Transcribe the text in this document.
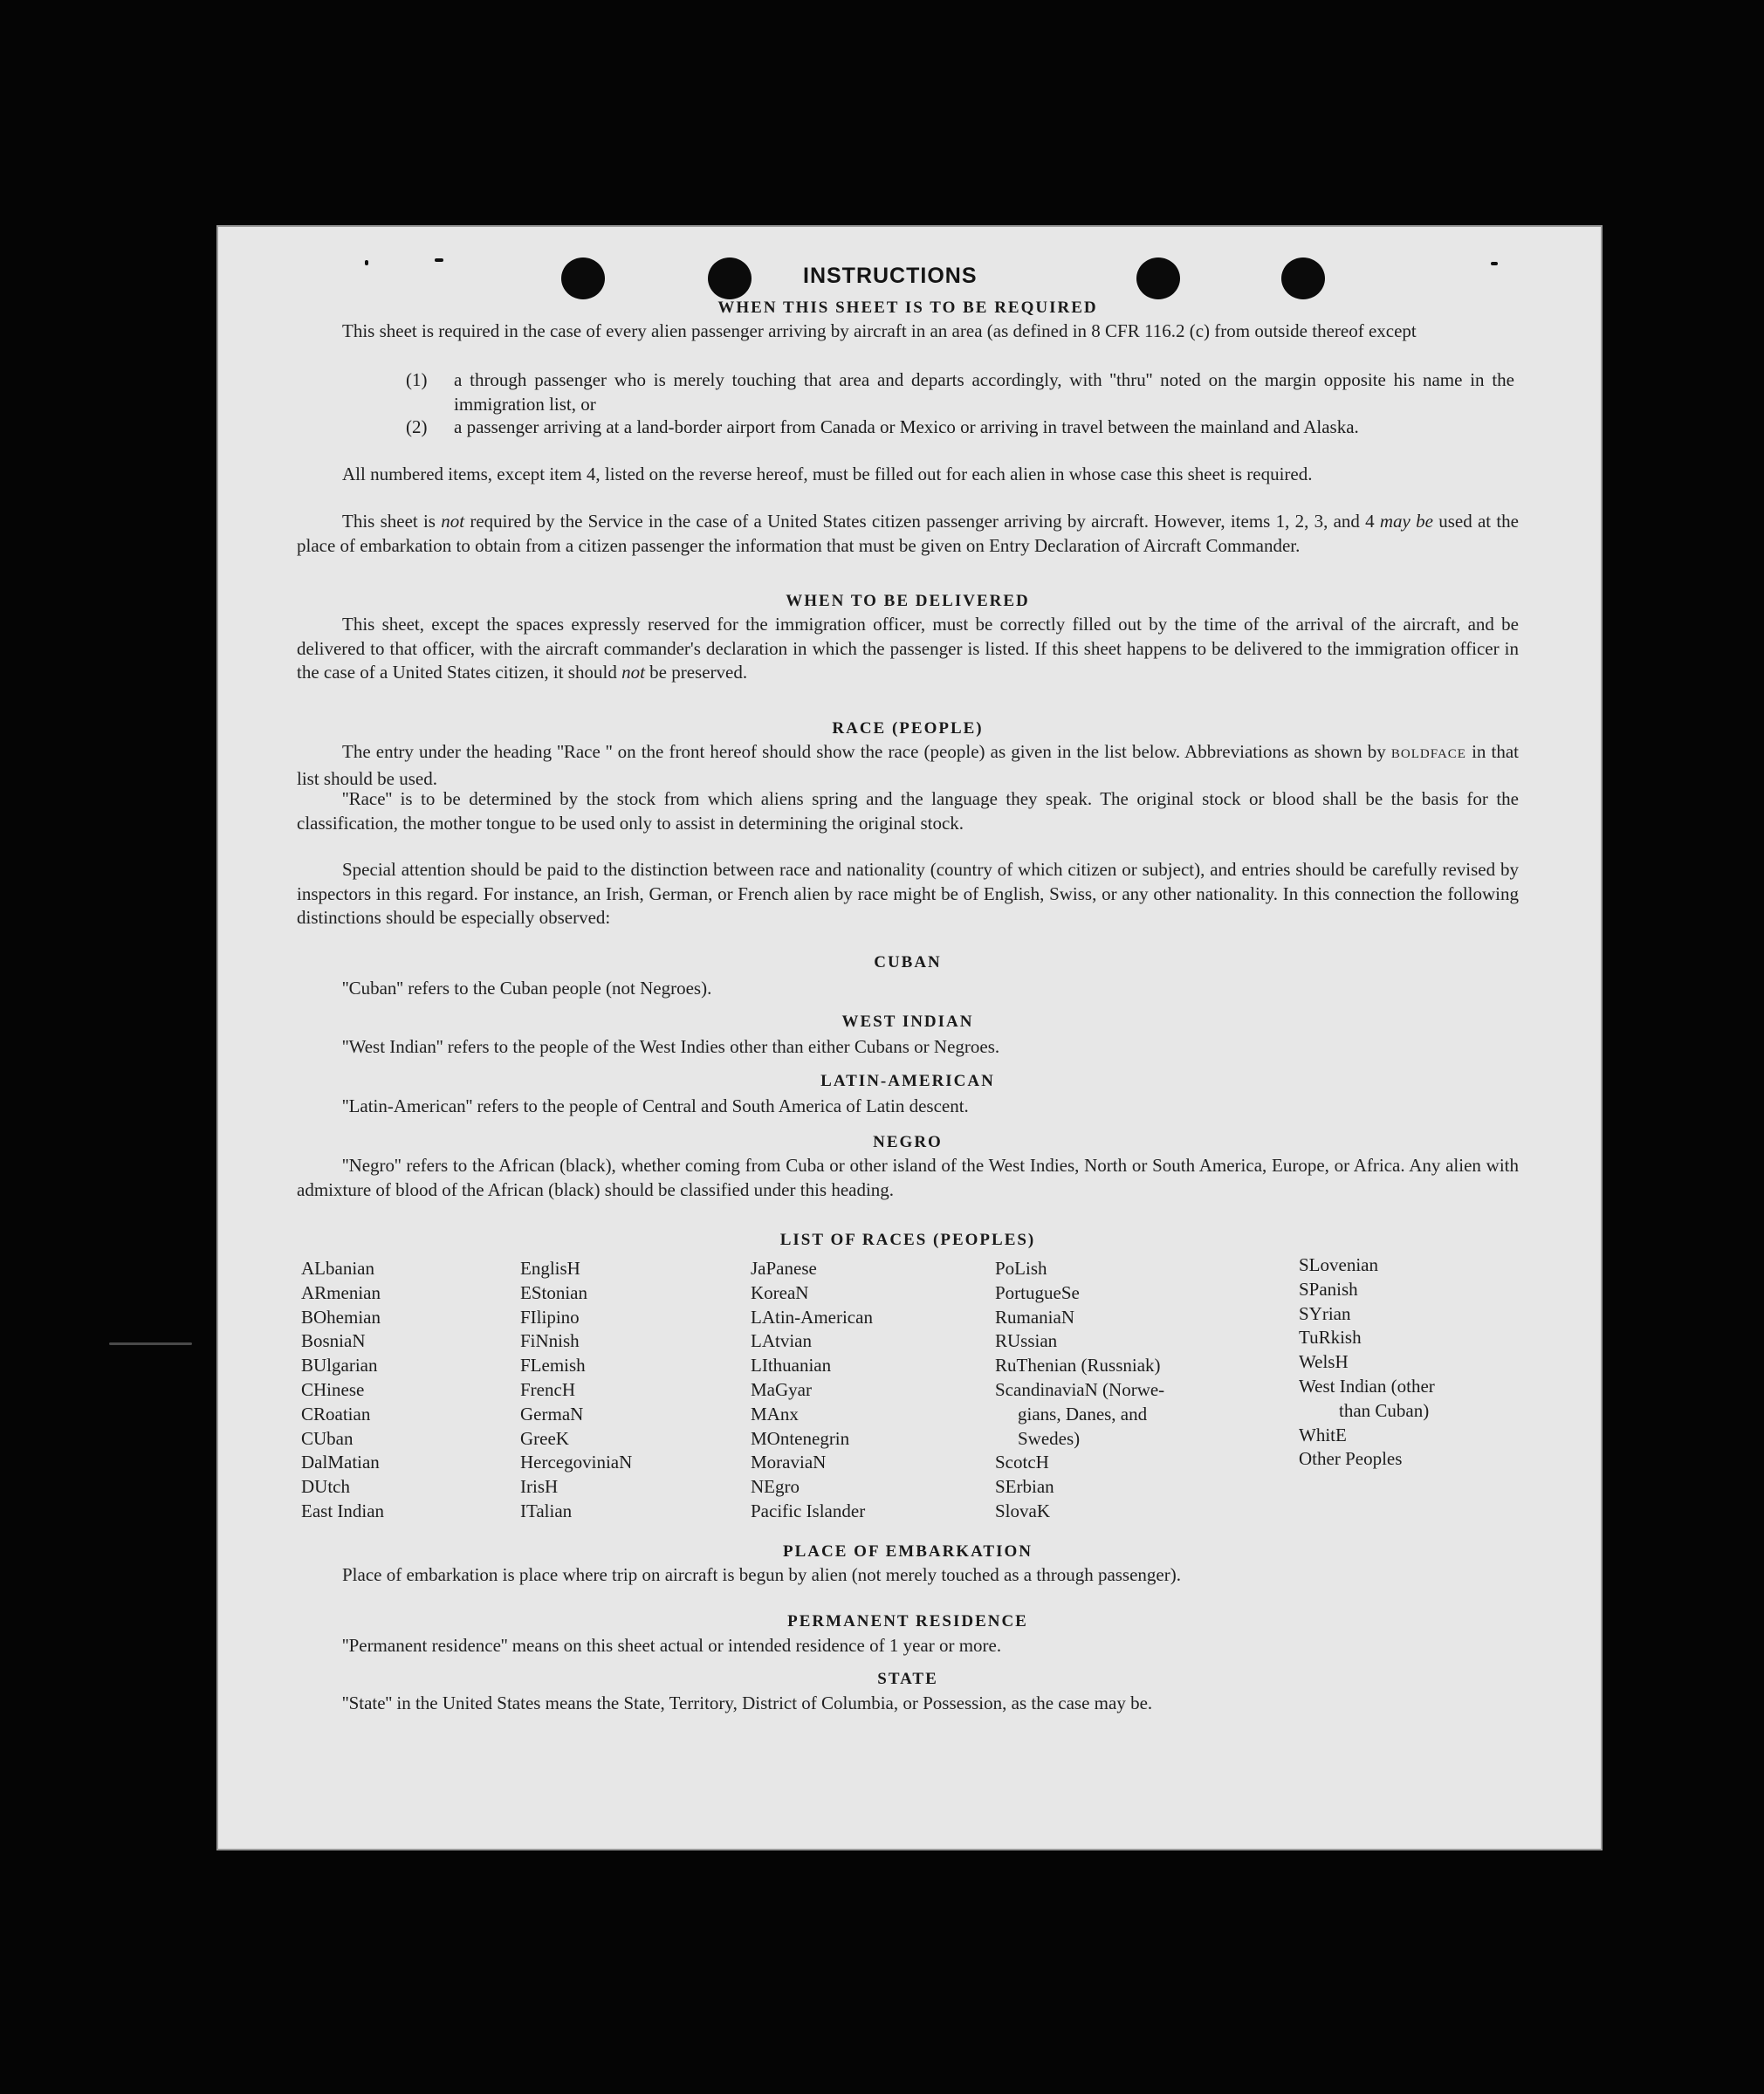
INSTRUCTIONS
WHEN THIS SHEET IS TO BE REQUIRED
This sheet is required in the case of every alien passenger arriving by aircraft in an area (as defined in 8 CFR 116.2 (c) from outside thereof except
(1) a through passenger who is merely touching that area and departs accordingly, with ''thru'' noted on the margin opposite his name in the immigration list, or
(2) a passenger arriving at a land-border airport from Canada or Mexico or arriving in travel between the mainland and Alaska.
All numbered items, except item 4, listed on the reverse hereof, must be filled out for each alien in whose case this sheet is required.
This sheet is not required by the Service in the case of a United States citizen passenger arriving by aircraft. However, items 1, 2, 3, and 4 may be used at the place of embarkation to obtain from a citizen passenger the information that must be given on Entry Declaration of Aircraft Commander.
WHEN TO BE DELIVERED
This sheet, except the spaces expressly reserved for the immigration officer, must be correctly filled out by the time of the arrival of the aircraft, and be delivered to that officer, with the aircraft commander's declaration in which the passenger is listed. If this sheet happens to be delivered to the immigration officer in the case of a United States citizen, it should not be preserved.
RACE (PEOPLE)
The entry under the heading ''Race '' on the front hereof should show the race (people) as given in the list below. Abbreviations as shown by BOLDFACE in that list should be used.
''Race'' is to be determined by the stock from which aliens spring and the language they speak. The original stock or blood shall be the basis for the classification, the mother tongue to be used only to assist in determining the original stock.
Special attention should be paid to the distinction between race and nationality (country of which citizen or subject), and entries should be carefully revised by inspectors in this regard. For instance, an Irish, German, or French alien by race might be of English, Swiss, or any other nationality. In this connection the following distinctions should be especially observed:
CUBAN
''Cuban'' refers to the Cuban people (not Negroes).
WEST INDIAN
''West Indian'' refers to the people of the West Indies other than either Cubans or Negroes.
LATIN-AMERICAN
''Latin-American'' refers to the people of Central and South America of Latin descent.
NEGRO
''Negro'' refers to the African (black), whether coming from Cuba or other island of the West Indies, North or South America, Europe, or Africa. Any alien with admixture of blood of the African (black) should be classified under this heading.
LIST OF RACES (PEOPLES)
ALbanian
ARmenian
BOhemian
BosniaN
BUlgarian
CHinese
CRoatian
CUban
DalMatian
DUtch
East Indian
EnglisH
EStonian
FIlipino
FiNnish
FLemish
FrencH
GermaN
GreeK
HercegoviniaN
IrisH
ITalian
JaPanese
KoreaN
LAtin-American
LAtvian
LIthuanian
MaGyar
MAnx
MOntenegrin
MoraviaN
NEgro
Pacific Islander
PoLish
PortugueSe
RumaniaN
RUssian
RuThenian (Russniak)
ScandinaviaN (Norwe-
gians, Danes, and
Swedes)
ScotcH
SErbian
SlovaK
SLovenian
SPanish
SYrian
TuRkish
WelsH
West Indian (other
than Cuban)
WhitE
Other Peoples
PLACE OF EMBARKATION
Place of embarkation is place where trip on aircraft is begun by alien (not merely touched as a through passenger).
PERMANENT RESIDENCE
''Permanent residence'' means on this sheet actual or intended residence of 1 year or more.
STATE
''State'' in the United States means the State, Territory, District of Columbia, or Possession, as the case may be.
